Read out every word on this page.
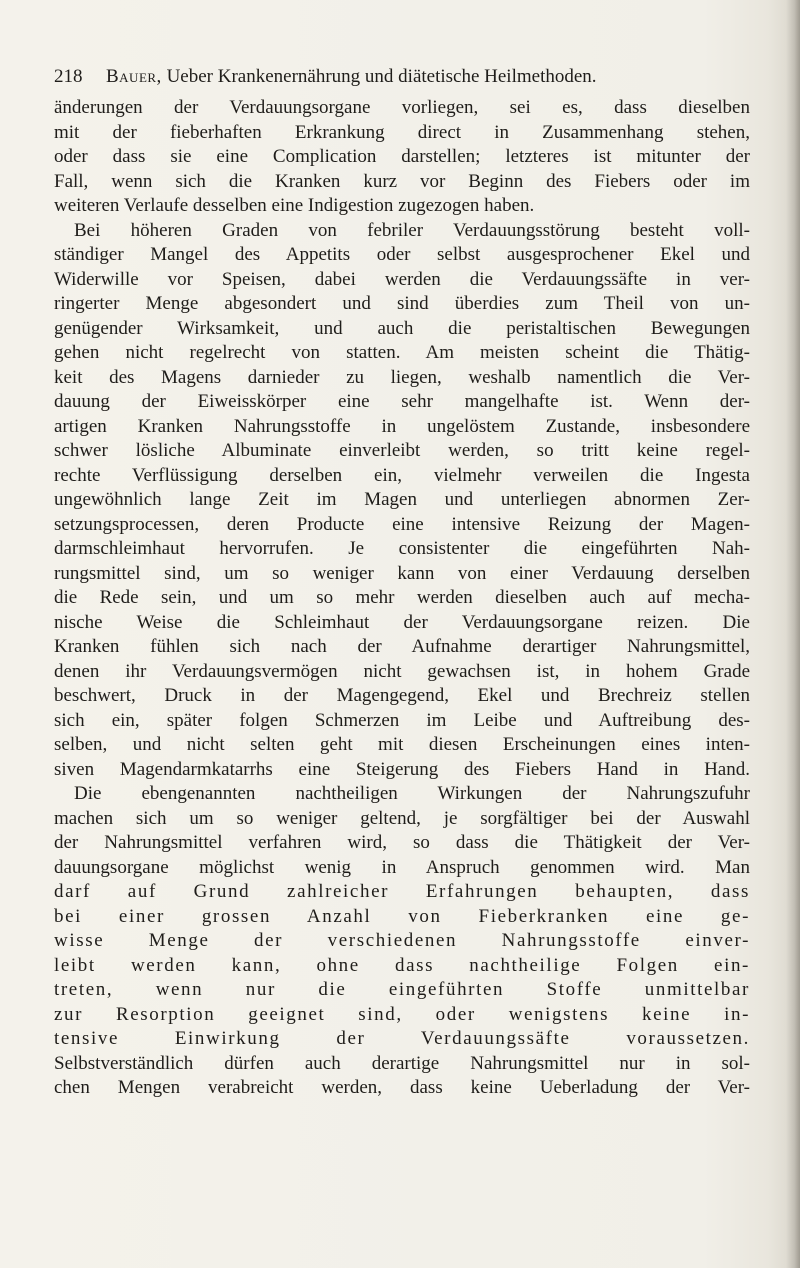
218 Bauer, Ueber Krankenernährung und diätetische Heilmethoden.
änderungen der Verdauungsorgane vorliegen, sei es, dass dieselben
mit der fieberhaften Erkrankung direct in Zusammenhang stehen,
oder dass sie eine Complication darstellen; letzteres ist mitunter der
Fall, wenn sich die Kranken kurz vor Beginn des Fiebers oder im
weiteren Verlaufe desselben eine Indigestion zugezogen haben.
Bei höheren Graden von febriler Verdauungsstörung besteht voll-
ständiger Mangel des Appetits oder selbst ausgesprochener Ekel und
Widerwille vor Speisen, dabei werden die Verdauungssäfte in ver-
ringerter Menge abgesondert und sind überdies zum Theil von un-
genügender Wirksamkeit, und auch die peristaltischen Bewegungen
gehen nicht regelrecht von statten. Am meisten scheint die Thätig-
keit des Magens darnieder zu liegen, weshalb namentlich die Ver-
dauung der Eiweisskörper eine sehr mangelhafte ist. Wenn der-
artigen Kranken Nahrungsstoffe in ungelöstem Zustande, insbesondere
schwer lösliche Albuminate einverleibt werden, so tritt keine regel-
rechte Verflüssigung derselben ein, vielmehr verweilen die Ingesta
ungewöhnlich lange Zeit im Magen und unterliegen abnormen Zer-
setzungsprocessen, deren Producte eine intensive Reizung der Magen-
darmschleimhaut hervorrufen. Je consistenter die eingeführten Nah-
rungsmittel sind, um so weniger kann von einer Verdauung derselben
die Rede sein, und um so mehr werden dieselben auch auf mecha-
nische Weise die Schleimhaut der Verdauungsorgane reizen. Die
Kranken fühlen sich nach der Aufnahme derartiger Nahrungsmittel,
denen ihr Verdauungsvermögen nicht gewachsen ist, in hohem Grade
beschwert, Druck in der Magengegend, Ekel und Brechreiz stellen
sich ein, später folgen Schmerzen im Leibe und Auftreibung des-
selben, und nicht selten geht mit diesen Erscheinungen eines inten-
siven Magendarmkatarrhs eine Steigerung des Fiebers Hand in Hand.
Die ebengenannten nachtheiligen Wirkungen der Nahrungszufuhr
machen sich um so weniger geltend, je sorgfältiger bei der Auswahl
der Nahrungsmittel verfahren wird, so dass die Thätigkeit der Ver-
dauungsorgane möglichst wenig in Anspruch genommen wird. Man
darf auf Grund zahlreicher Erfahrungen behaupten, dass
bei einer grossen Anzahl von Fieberkranken eine ge-
wisse Menge der verschiedenen Nahrungsstoffe einver-
leibt werden kann, ohne dass nachtheilige Folgen ein-
treten, wenn nur die eingeführten Stoffe unmittelbar
zur Resorption geeignet sind, oder wenigstens keine in-
tensive Einwirkung der Verdauungssäfte voraussetzen.
Selbstverständlich dürfen auch derartige Nahrungsmittel nur in sol-
chen Mengen verabreicht werden, dass keine Ueberladung der Ver-
